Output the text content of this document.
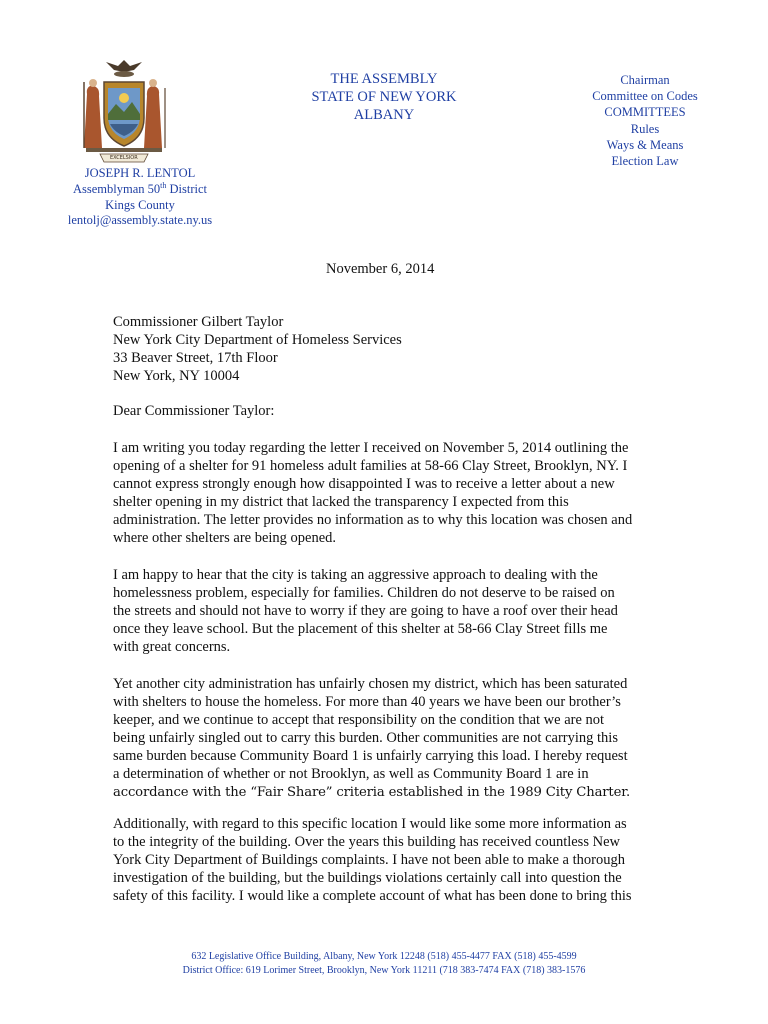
EXCELSIOR
THE ASSEMBLY
STATE OF NEW YORK
ALBANY
Chairman
Committee on Codes
COMMITTEES
Rules
Ways & Means
Election Law
JOSEPH R. LENTOL
Assemblyman 50th District
Kings County
lentolj@assembly.state.ny.us
November 6, 2014
Commissioner Gilbert Taylor
New York City Department of Homeless Services
33 Beaver Street, 17th Floor
New York, NY 10004
Dear Commissioner Taylor:
I am writing you today regarding the letter I received on November 5, 2014 outlining the
opening of a shelter for 91 homeless adult families at 58-66 Clay Street, Brooklyn, NY. I
cannot express strongly enough how disappointed I was to receive a letter about a new
shelter opening in my district that lacked the transparency I expected from this
administration. The letter provides no information as to why this location was chosen and
where other shelters are being opened.
I am happy to hear that the city is taking an aggressive approach to dealing with the
homelessness problem, especially for families. Children do not deserve to be raised on
the streets and should not have to worry if they are going to have a roof over their head
once they leave school. But the placement of this shelter at 58-66 Clay Street fills me
with great concerns.
Yet another city administration has unfairly chosen my district, which has been saturated
with shelters to house the homeless. For more than 40 years we have been our brother’s
keeper, and we continue to accept that responsibility on the condition that we are not
being unfairly singled out to carry this burden. Other communities are not carrying this
same burden because Community Board 1 is unfairly carrying this load. I hereby request
a determination of whether or not Brooklyn, as well as Community Board 1 are in
accordance with the “Fair Share” criteria established in the 1989 City Charter.
Additionally, with regard to this specific location I would like some more information as
to the integrity of the building. Over the years this building has received countless New
York City Department of Buildings complaints. I have not been able to make a thorough
investigation of the building, but the buildings violations certainly call into question the
safety of this facility. I would like a complete account of what has been done to bring this
632 Legislative Office Building, Albany, New York 12248 (518) 455-4477 FAX (518) 455-4599
District Office: 619 Lorimer Street, Brooklyn, New York 11211 (718 383-7474 FAX (718) 383-1576
